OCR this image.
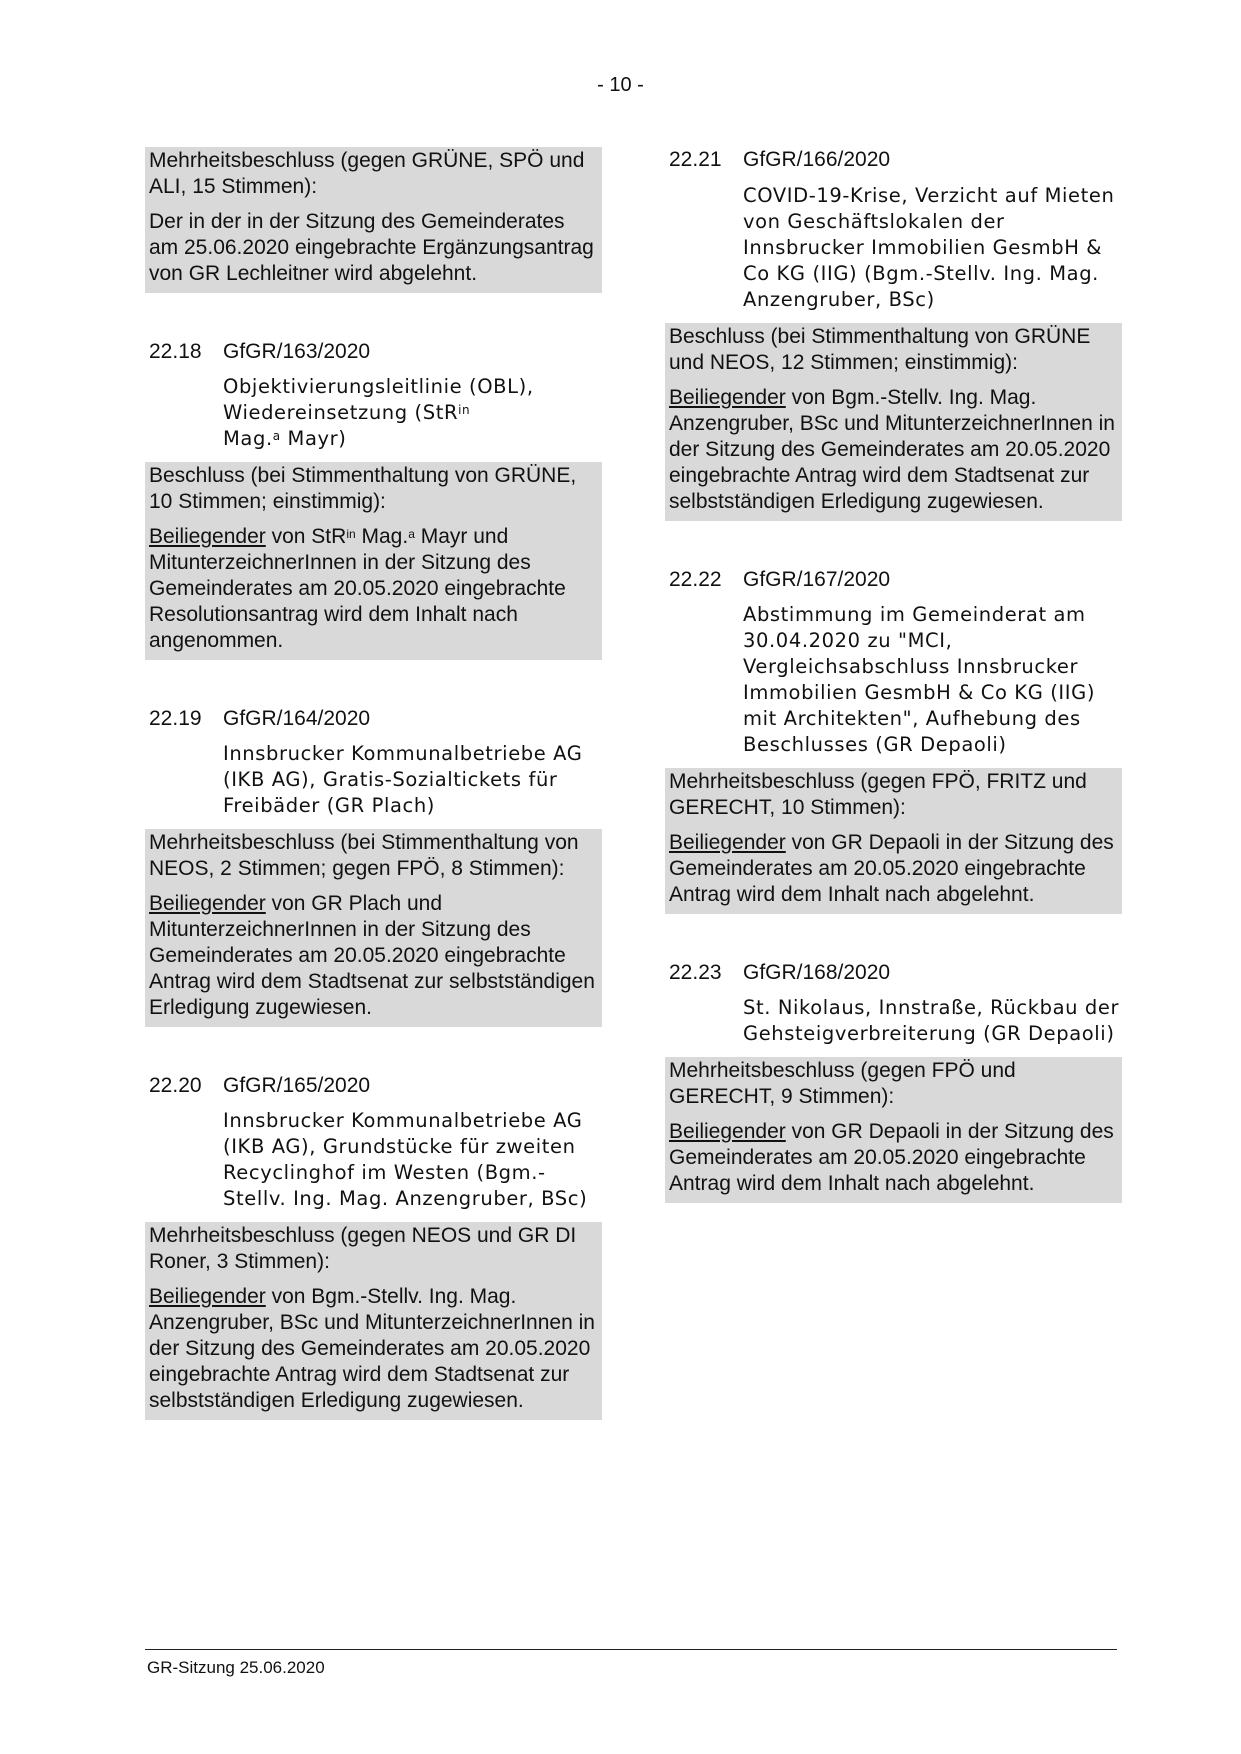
- 10 -

Mehrheitsbeschluss (gegen GRÜNE, SPÖ und ALI, 15 Stimmen):

Der in der in der Sitzung des Gemeinderates am 25.06.2020 eingebrachte Ergänzungsantrag von GR Lechleitner wird abgelehnt.

22.18	GfGR/163/2020
Objektivierungsleitlinie (OBL), Wiedereinsetzung (StR$^{in}$
Mag.$^a$ Mayr)

Beschluss (bei Stimmenthaltung von GRÜNE, 10 Stimmen; einstimmig):

Beiliegender von StR$^{in}$ Mag.$^a$ Mayr und MitunterzeichnerInnen in der Sitzung des Gemeinderates am 20.05.2020 eingebrachte Resolutionsantrag wird dem Inhalt nach angenommen.

22.19	GfGR/164/2020
Innsbrucker Kommunalbetriebe AG (IKB AG), Gratis-Sozialtickets für Freibäder (GR Plach)

Mehrheitsbeschluss (bei Stimmenthaltung von NEOS, 2 Stimmen; gegen FPÖ, 8 Stimmen):

Beiliegender von GR Plach und MitunterzeichnerInnen in der Sitzung des Gemeinderates am 20.05.2020 eingebrachte Antrag wird dem Stadtsenat zur selbstständigen Erledigung zugewiesen.

22.20	GfGR/165/2020
Innsbrucker Kommunalbetriebe AG (IKB AG), Grundstücke für zweiten Recyclinghof im Westen (Bgm.-Stellv. Ing. Mag. Anzengruber, BSc)

Mehrheitsbeschluss (gegen NEOS und GR DI Roner, 3 Stimmen):

Beiliegender von Bgm.-Stellv. Ing. Mag. Anzengruber, BSc und MitunterzeichnerInnen in der Sitzung des Gemeinderates am 20.05.2020 eingebrachte Antrag wird dem Stadtsenat zur selbstständigen Erledigung zugewiesen.

22.21	GfGR/166/2020
COVID-19-Krise, Verzicht auf Mieten von Geschäftslokalen der Innsbrucker Immobilien GesmbH & Co KG (IIG) (Bgm.-Stellv. Ing. Mag. Anzengruber, BSc)

Beschluss (bei Stimmenthaltung von GRÜNE und NEOS, 12 Stimmen; einstimmig):

Beiliegender von Bgm.-Stellv. Ing. Mag. Anzengruber, BSc und MitunterzeichnerInnen in der Sitzung des Gemeinderates am 20.05.2020 eingebrachte Antrag wird dem Stadtsenat zur selbstständigen Erledigung zugewiesen.

22.22	GfGR/167/2020
Abstimmung im Gemeinderat am 30.04.2020 zu "MCI, Vergleichsabschluss Innsbrucker Immobilien GesmbH & Co KG (IIG) mit Architekten", Aufhebung des Beschlusses (GR Depaoli)

Mehrheitsbeschluss (gegen FPÖ, FRITZ und GERECHT, 10 Stimmen):

Beiliegender von GR Depaoli in der Sitzung des Gemeinderates am 20.05.2020 eingebrachte Antrag wird dem Inhalt nach abgelehnt.

22.23	GfGR/168/2020
St. Nikolaus, Innstraße, Rückbau der Gehsteigverbreiterung (GR Depaoli)

Mehrheitsbeschluss (gegen FPÖ und GERECHT, 9 Stimmen):

Beiliegender von GR Depaoli in der Sitzung des Gemeinderates am 20.05.2020 eingebrachte Antrag wird dem Inhalt nach abgelehnt.

GR-Sitzung 25.06.2020
